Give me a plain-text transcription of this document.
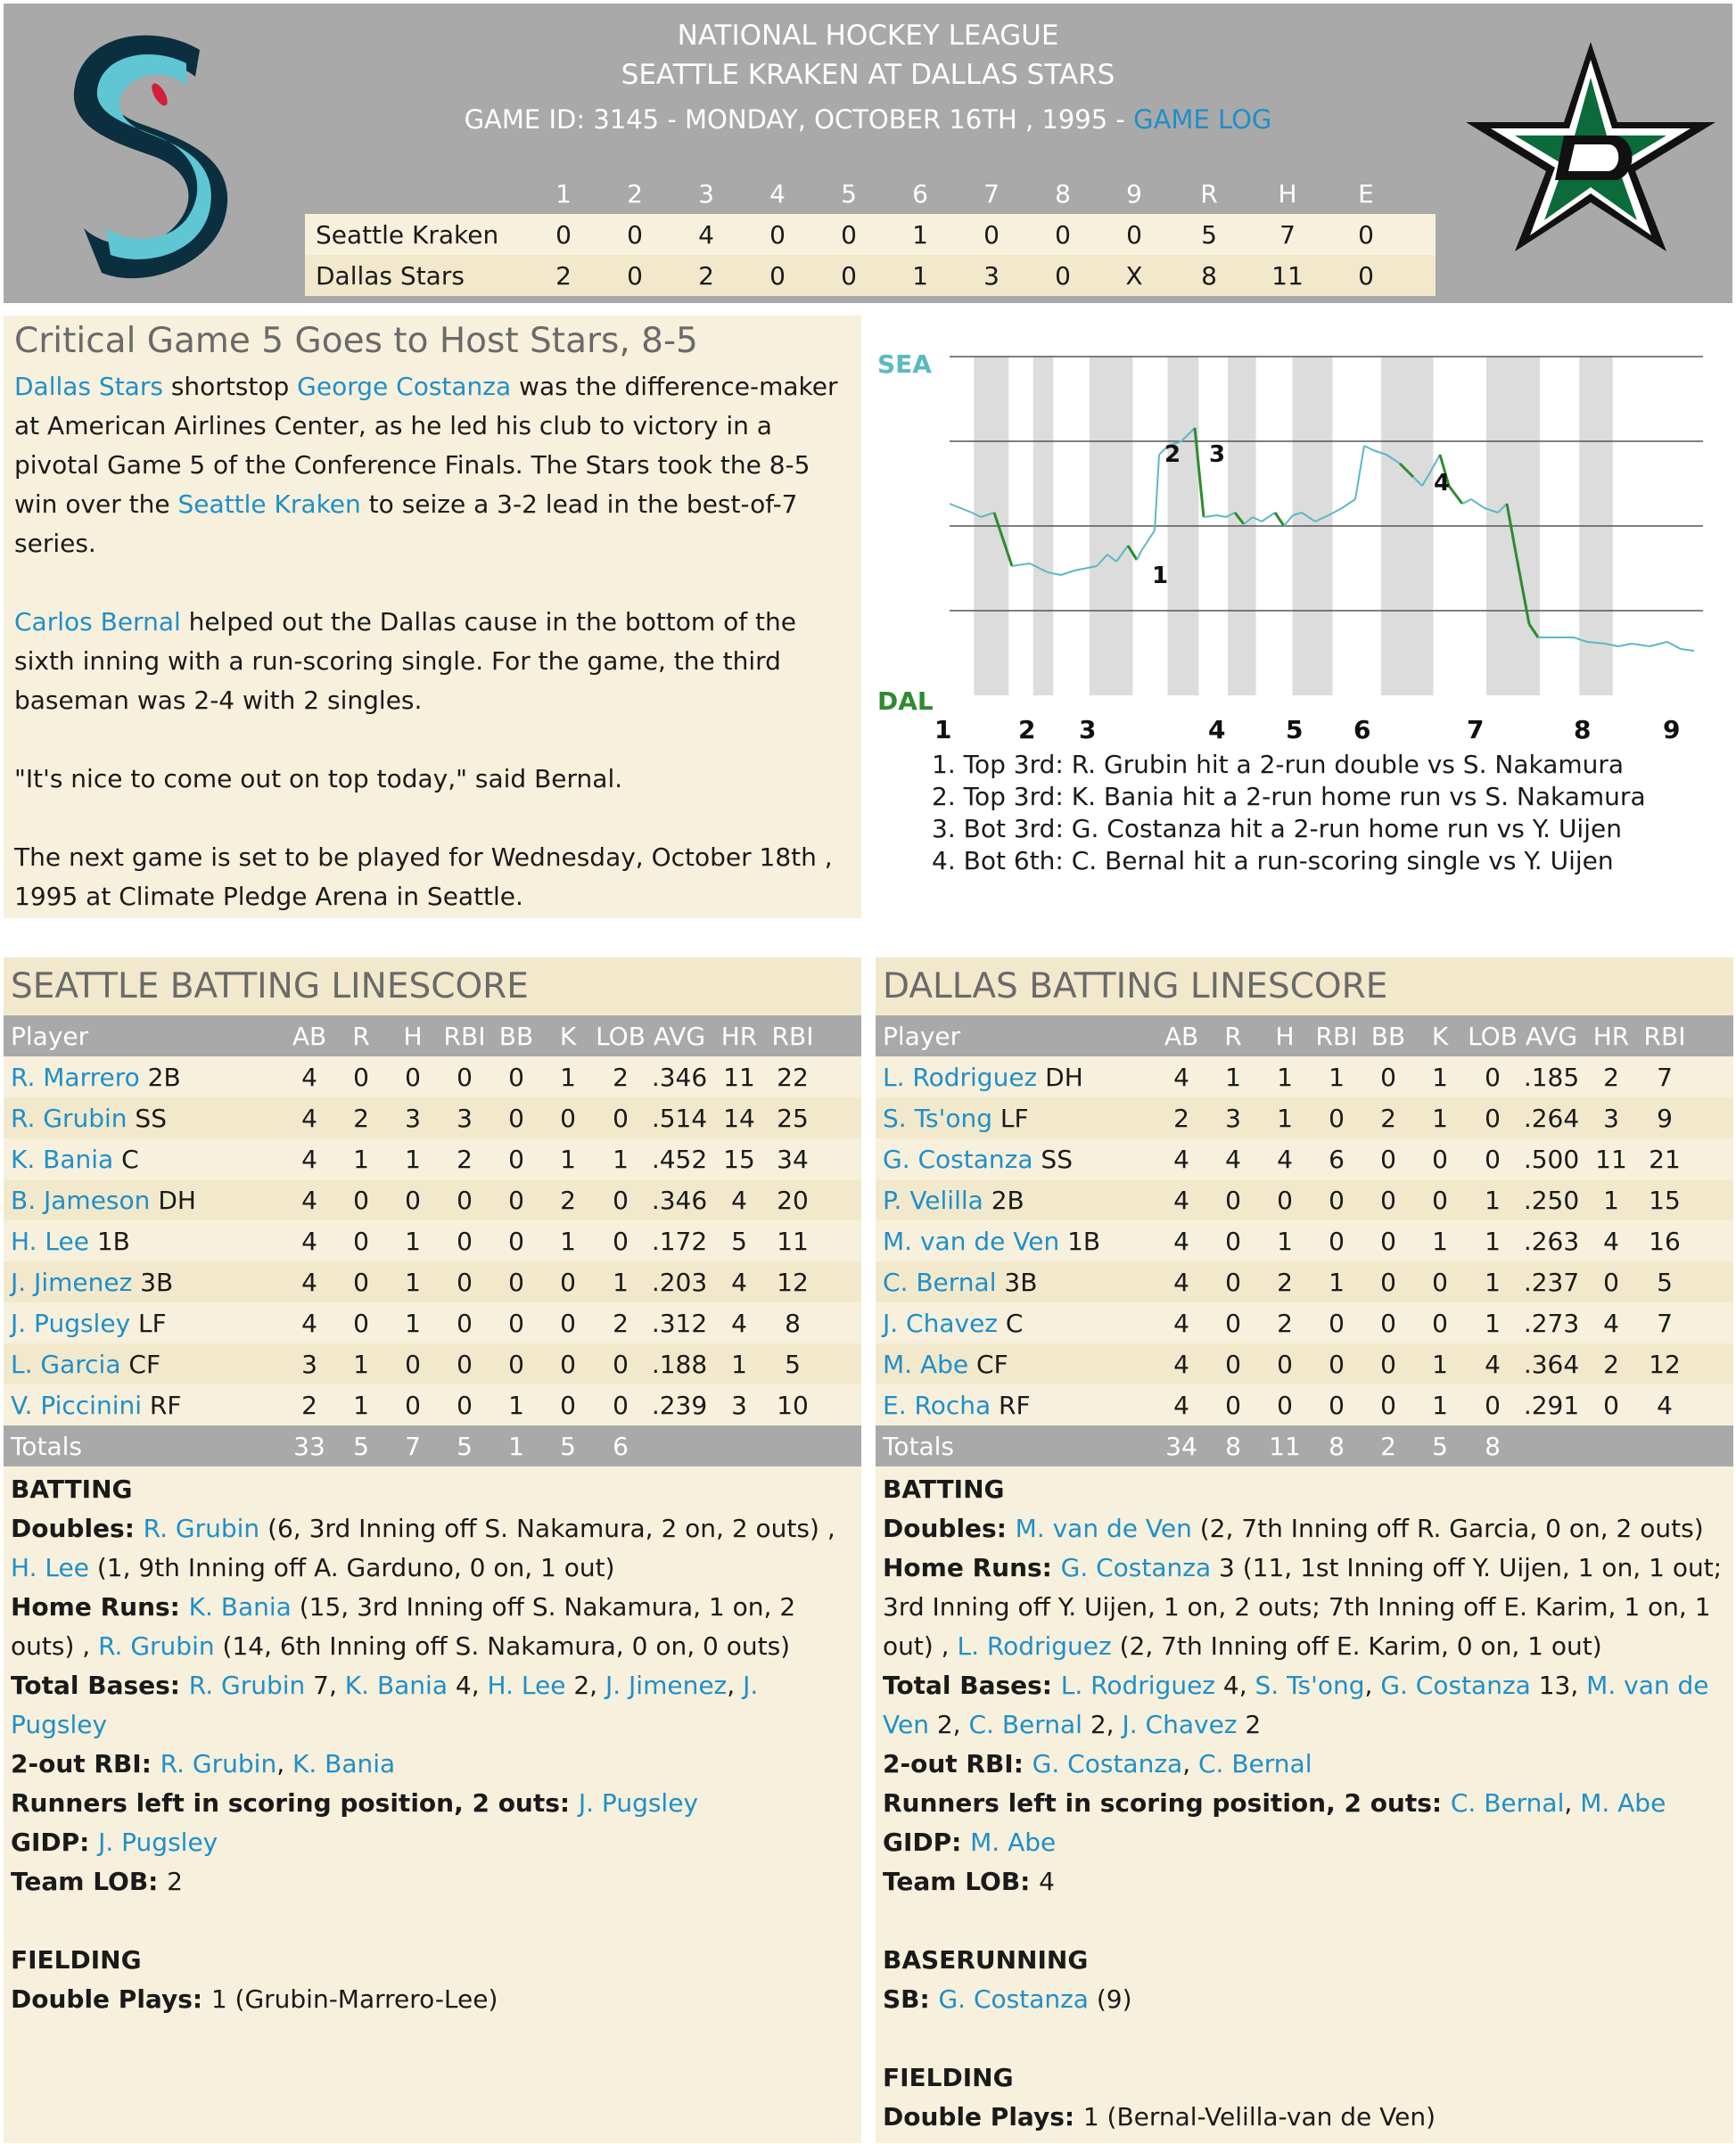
NATIONAL HOCKEY LEAGUE
SEATTLE KRAKEN AT DALLAS STARS
GAME ID: 3145 - MONDAY, OCTOBER 16TH , 1995 - GAME LOG
1	2	3	4	5	6	7	8	9	R	H	E
Seattle Kraken	0	0	4	0	0	1	0	0	0	5	7	0
Dallas Stars	2	0	2	0	0	1	3	0	X	8	11	0
Critical Game 5 Goes to Host Stars, 8-5

Dallas Stars shortstop George Costanza was the difference-maker at American Airlines Center, as he led his club to victory in a pivotal Game 5 of the Conference Finals. The Stars took the 8-5 win over the Seattle Kraken to seize a 3-2 lead in the best-of-7 series.

Carlos Bernal helped out the Dallas cause in the bottom of the sixth inning with a run-scoring single. For the game, the third baseman was 2-4 with 2 singles.

"It's nice to come out on top today," said Bernal.

The next game is set to be played for Wednesday, October 18th , 1995 at Climate Pledge Arena in Seattle.

SEA
DAL
1
2 3
4
1	2 3	4 5 6	7	8	9
1. Top 3rd: R. Grubin hit a 2-run double vs S. Nakamura
2. Top 3rd: K. Bania hit a 2-run home run vs S. Nakamura
3. Bot 3rd: G. Costanza hit a 2-run home run vs Y. Uijen
4. Bot 6th: C. Bernal hit a run-scoring single vs Y. Uijen
SEATTLE BATTING LINESCORE
Player	AB	R	H RBI BB	K LOB AVG HR RBI
R. Marrero 2B	4	0	0	0	0	1	2 .346 11 22
R. Grubin SS	4	2	3	3	0	0	0 .514 14 25
K. Bania C	4	1	1	2	0	1	1 .452 15 34
B. Jameson DH	4	0	0	0	0	2	0 .346 4	20
H. Lee 1B	4	0	1	0	0	1	0 .172 5	11
J. Jimenez 3B	4	0	1	0	0	0	1 .203 4	12
J. Pugsley LF	4	0	1	0	0	0	2 .312 4	8
L. Garcia CF	3	1	0	0	0	0	0 .188 1	5
V. Piccinini RF	2	1	0	0	1	0	0 .239 3	10
Totals	33	5	7	5	1	5	6
BATTING
Doubles: R. Grubin (6, 3rd Inning off S. Nakamura, 2 on, 2 outs) , H. Lee (1, 9th Inning off A. Garduno, 0 on, 1 out)
Home Runs: K. Bania (15, 3rd Inning off S. Nakamura, 1 on, 2 outs) , R. Grubin (14, 6th Inning off S. Nakamura, 0 on, 0 outs)
Total Bases: R. Grubin 7, K. Bania 4, H. Lee 2, J. Jimenez, J. Pugsley
2-out RBI: R. Grubin, K. Bania
Runners left in scoring position, 2 outs: J. Pugsley
GIDP: J. Pugsley
Team LOB: 2
FIELDING
Double Plays: 1 (Grubin-Marrero-Lee)
DALLAS BATTING LINESCORE
Player	AB	R	H RBI BB	K LOB AVG HR RBI
L. Rodriguez DH	4	1	1	1	0	1	0 .185 2	7
S. Ts'ong LF	2	3	1	0	2	1	0 .264 3	9
G. Costanza SS	4	4	4	6	0	0	0 .500 11 21
P. Velilla 2B	4	0	0	0	0	0	1 .250 1	15
M. van de Ven 1B	4	0	1	0	0	1	1 .263 4	16
C. Bernal 3B	4	0	2	1	0	0	1 .237 0	5
J. Chavez C	4	0	2	0	0	0	1 .273 4	7
M. Abe CF	4	0	0	0	0	1	4 .364 2	12
E. Rocha RF	4	0	0	0	0	1	0 .291 0	4
Totals	34	8	11	8	2	5	8
BATTING
Doubles: M. van de Ven (2, 7th Inning off R. Garcia, 0 on, 2 outs)
Home Runs: G. Costanza 3 (11, 1st Inning off Y. Uijen, 1 on, 1 out; 3rd Inning off Y. Uijen, 1 on, 2 outs; 7th Inning off E. Karim, 1 on, 1 out) , L. Rodriguez (2, 7th Inning off E. Karim, 0 on, 1 out)
Total Bases: L. Rodriguez 4, S. Ts'ong, G. Costanza 13, M. van de Ven 2, C. Bernal 2, J. Chavez 2
2-out RBI: G. Costanza, C. Bernal
Runners left in scoring position, 2 outs: C. Bernal, M. Abe
GIDP: M. Abe
Team LOB: 4
BASERUNNING
SB: G. Costanza (9)
FIELDING
Double Plays: 1 (Bernal-Velilla-van de Ven)
